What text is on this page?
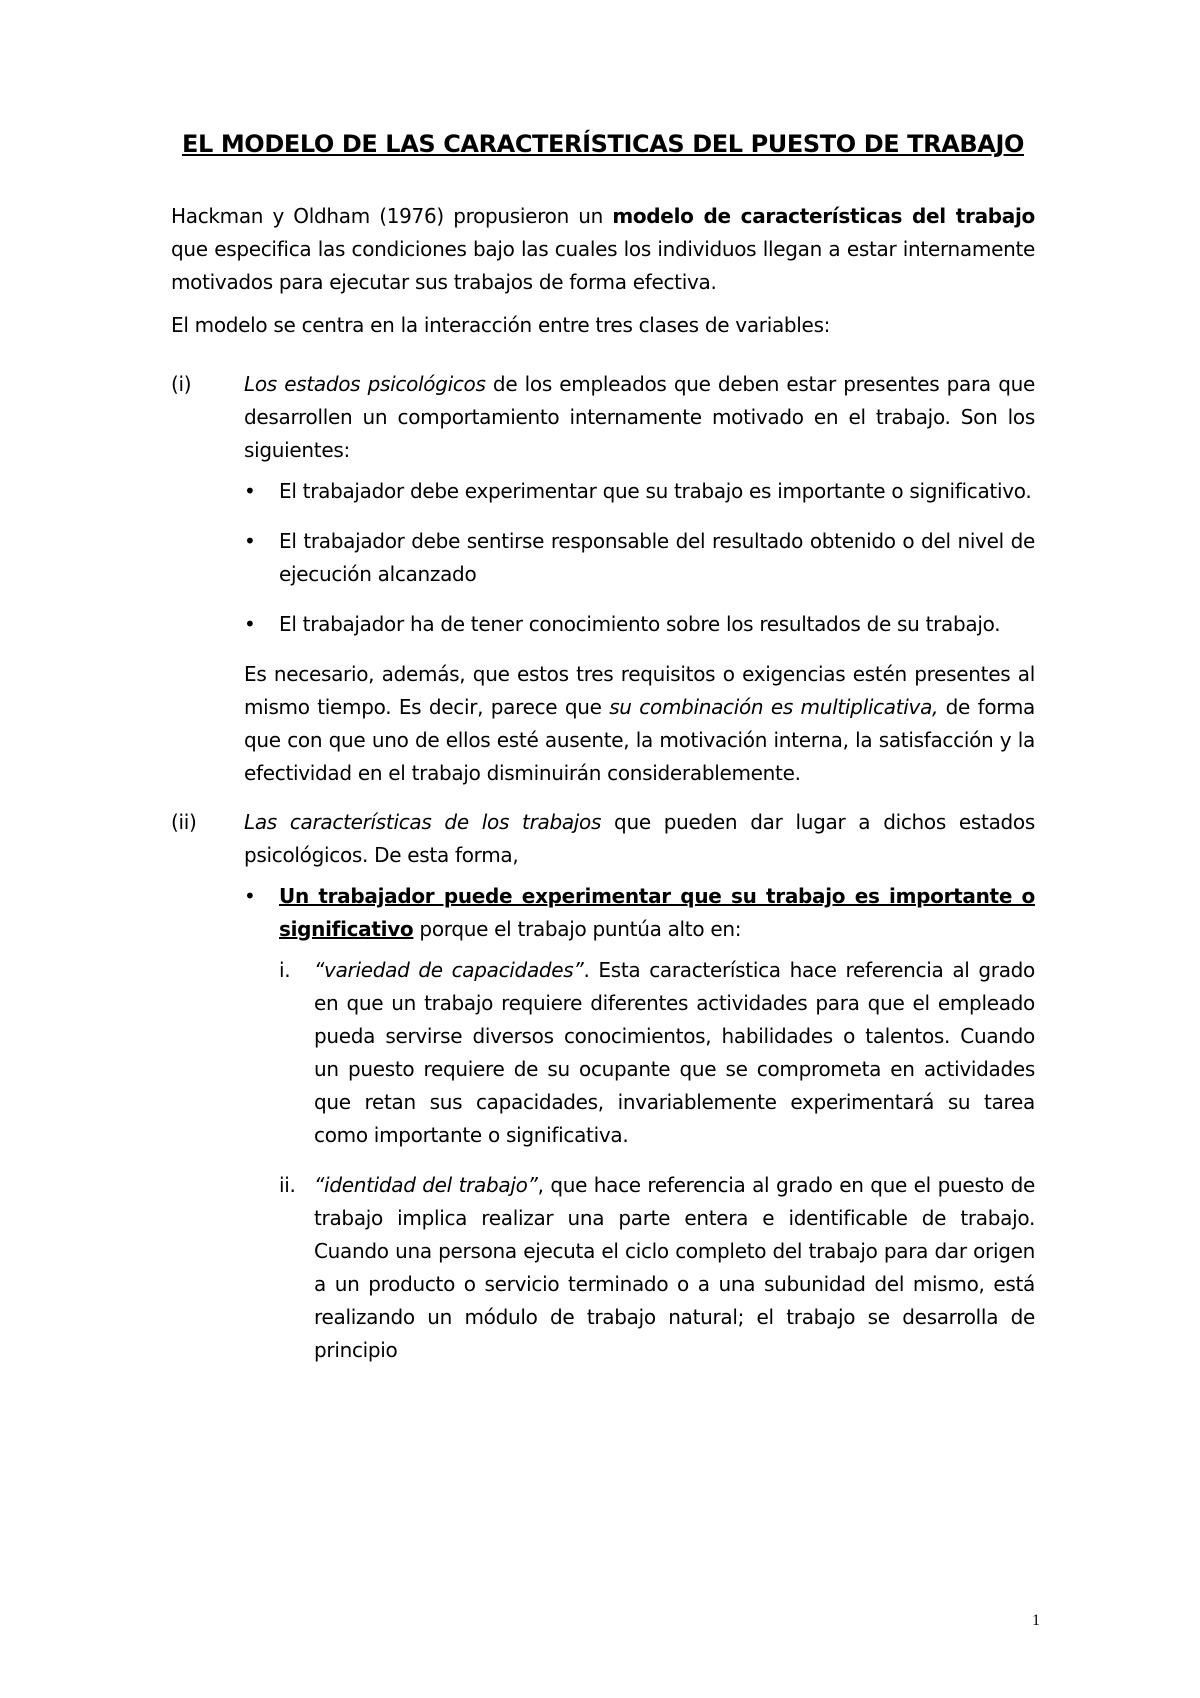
EL MODELO DE LAS CARACTERÍSTICAS DEL PUESTO DE TRABAJO

Hackman y Oldham (1976) propusieron un modelo de características del trabajo que especifica las condiciones bajo las cuales los individuos llegan a estar internamente motivados para ejecutar sus trabajos de forma efectiva.

El modelo se centra en la interacción entre tres clases de variables:

(i)	Los estados psicológicos de los empleados que deben estar presentes para que desarrollen un comportamiento internamente motivado en el trabajo. Son los siguientes:

• El trabajador debe experimentar que su trabajo es importante o significativo.
• El trabajador debe sentirse responsable del resultado obtenido o del nivel de ejecución alcanzado
• El trabajador ha de tener conocimiento sobre los resultados de su trabajo.

Es necesario, además, que estos tres requisitos o exigencias estén presentes al mismo tiempo. Es decir, parece que su combinación es multiplicativa, de forma que con que uno de ellos esté ausente, la motivación interna, la satisfacción y la efectividad en el trabajo disminuirán considerablemente.

(ii) Las características de los trabajos que pueden dar lugar a dichos estados psicológicos. De esta forma,

• Un trabajador puede experimentar que su trabajo es importante o significativo porque el trabajo puntúa alto en:
i. “variedad de capacidades”. Esta característica hace referencia al grado en que un trabajo requiere diferentes actividades para que el empleado pueda servirse diversos conocimientos, habilidades o talentos. Cuando un puesto requiere de su ocupante que se comprometa en actividades que retan sus capacidades, invariablemente experimentará su tarea como importante o significativa.
ii. “identidad del trabajo”, que hace referencia al grado en que el puesto de trabajo implica realizar una parte entera e identificable de trabajo. Cuando una persona ejecuta el ciclo completo del trabajo para dar origen a un producto o servicio terminado o a una subunidad del mismo, está realizando un módulo de trabajo natural; el trabajo se desarrolla de principio
1
